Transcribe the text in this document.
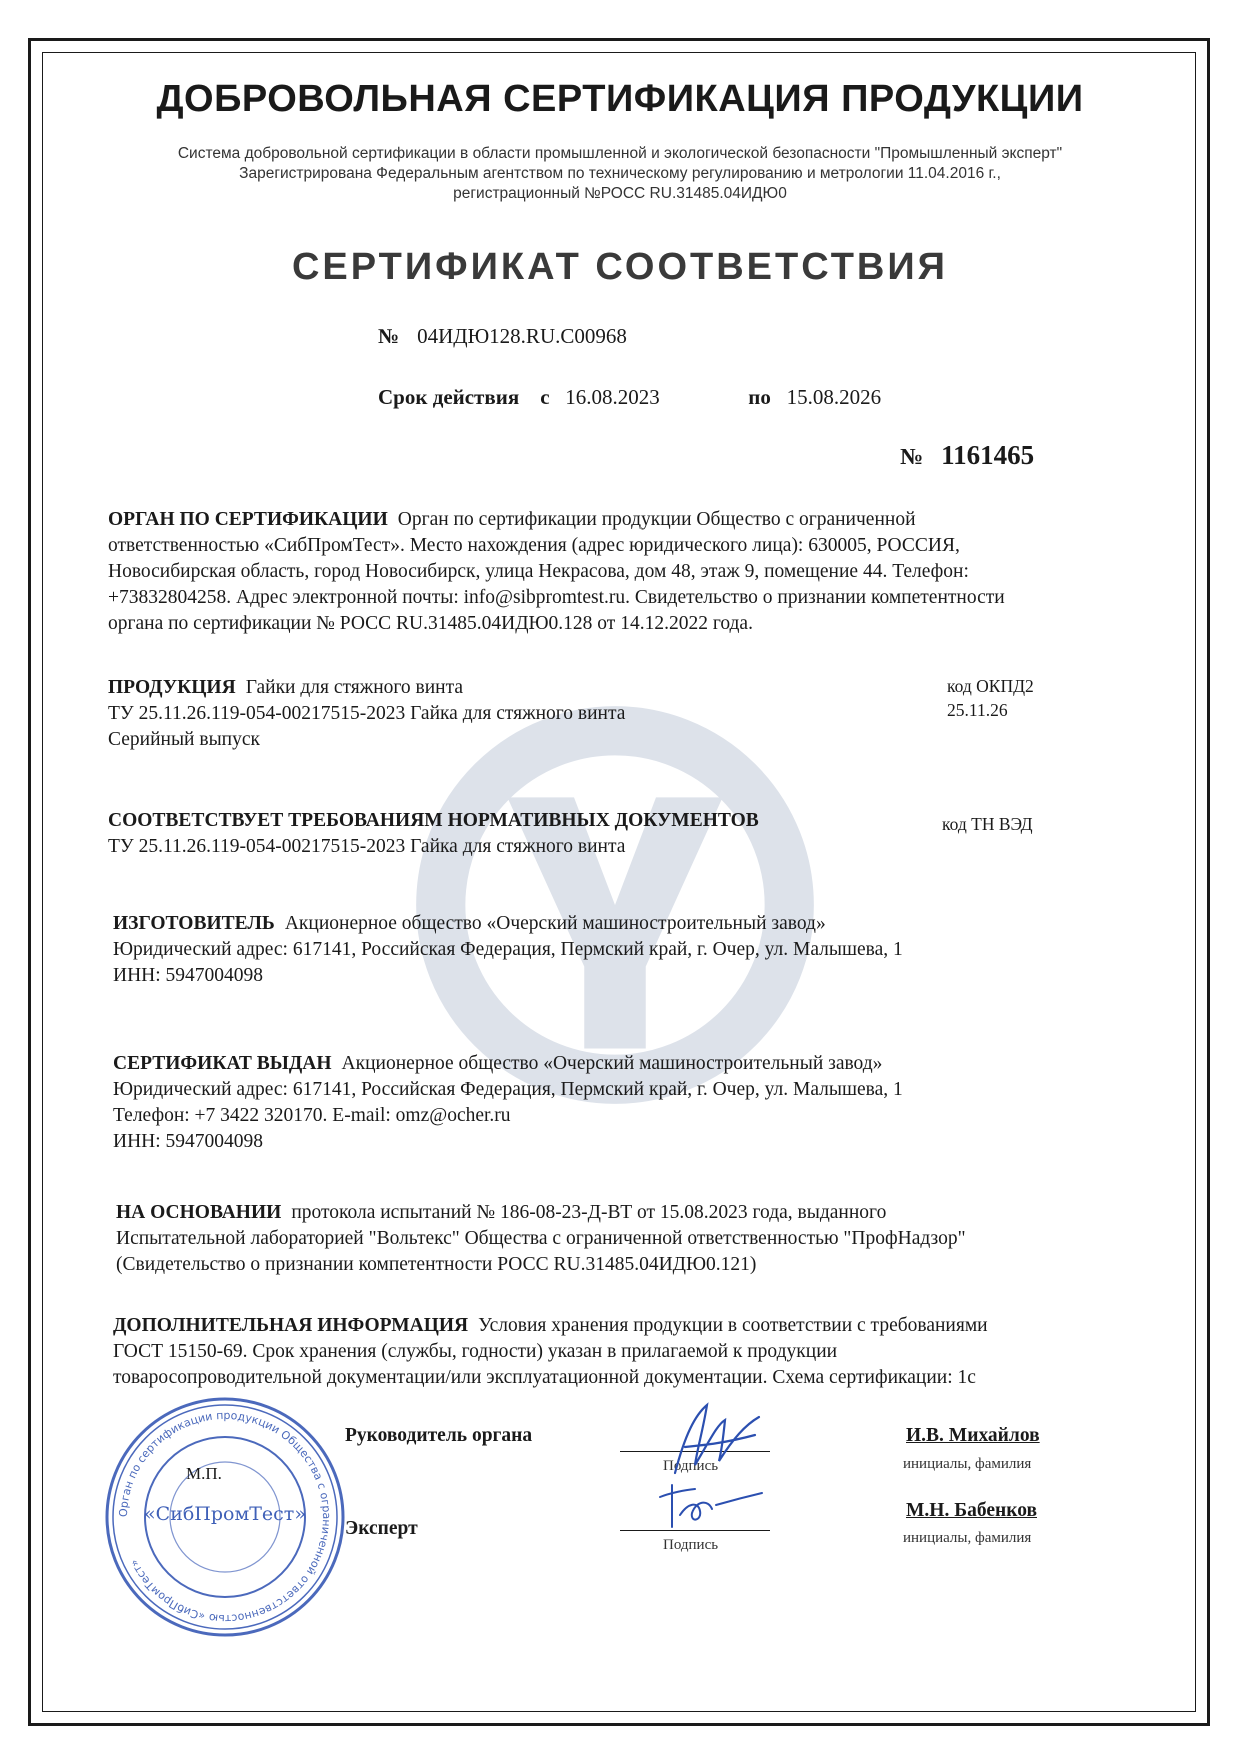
ДОБРОВОЛЬНАЯ СЕРТИФИКАЦИЯ ПРОДУКЦИИ
Система добровольной сертификации в области промышленной и экологической безопасности "Промышленный эксперт"
Зарегистрирована Федеральным агентством по техническому регулированию и метрологии 11.04.2016 г.,
регистрационный №РОСС RU.31485.04ИДЮ0
СЕРТИФИКАТ СООТВЕТСТВИЯ
№ 04ИДЮ128.RU.C00968
Срок действия с 16.08.2023	по 15.08.2026
№ 1161465
ОРГАН ПО СЕРТИФИКАЦИИ Орган по сертификации продукции Общество с ограниченной
ответственностью «СибПромТест». Место нахождения (адрес юридического лица): 630005, РОССИЯ,
Новосибирская область, город Новосибирск, улица Некрасова, дом 48, этаж 9, помещение 44. Телефон:
+73832804258. Адрес электронной почты: info@sibpromtest.ru. Свидетельство о признании компетентности
органа по сертификации № РОСС RU.31485.04ИДЮ0.128 от 14.12.2022 года.
ПРОДУКЦИЯ Гайки для стяжного винта
ТУ 25.11.26.119-054-00217515-2023 Гайка для стяжного винта
Серийный выпуск
код ОКПД2
25.11.26
СООТВЕТСТВУЕТ ТРЕБОВАНИЯМ НОРМАТИВНЫХ ДОКУМЕНТОВ
ТУ 25.11.26.119-054-00217515-2023 Гайка для стяжного винта
код ТН ВЭД
ИЗГОТОВИТЕЛЬ Акционерное общество «Очерский машиностроительный завод»
Юридический адрес: 617141, Российская Федерация, Пермский край, г. Очер, ул. Малышева, 1
ИНН: 5947004098
СЕРТИФИКАТ ВЫДАН Акционерное общество «Очерский машиностроительный завод»
Юридический адрес: 617141, Российская Федерация, Пермский край, г. Очер, ул. Малышева, 1
Телефон: +7 3422 320170. E-mail: omz@ocher.ru
ИНН: 5947004098
НА ОСНОВАНИИ протокола испытаний № 186-08-23-Д-ВТ от 15.08.2023 года, выданного
Испытательной лабораторией "Вольтекс" Общества с ограниченной ответственностью "ПрофНадзор"
(Свидетельство о признании компетентности РОСС RU.31485.04ИДЮ0.121)
ДОПОЛНИТЕЛЬНАЯ ИНФОРМАЦИЯ Условия хранения продукции в соответствии с требованиями
ГОСТ 15150-69. Срок хранения (службы, годности) указан в прилагаемой к продукции
товаросопроводительной документации/или эксплуатационной документации. Схема сертификации: 1с
Орган по сертификации продукции Общества с ограниченной ответственностью «СибПромТест»
«СибПромТест»
М.П.
Руководитель органа
Подпись
И.В. Михайлов
инициалы, фамилия
Эксперт
Подпись
М.Н. Бабенков
инициалы, фамилия
